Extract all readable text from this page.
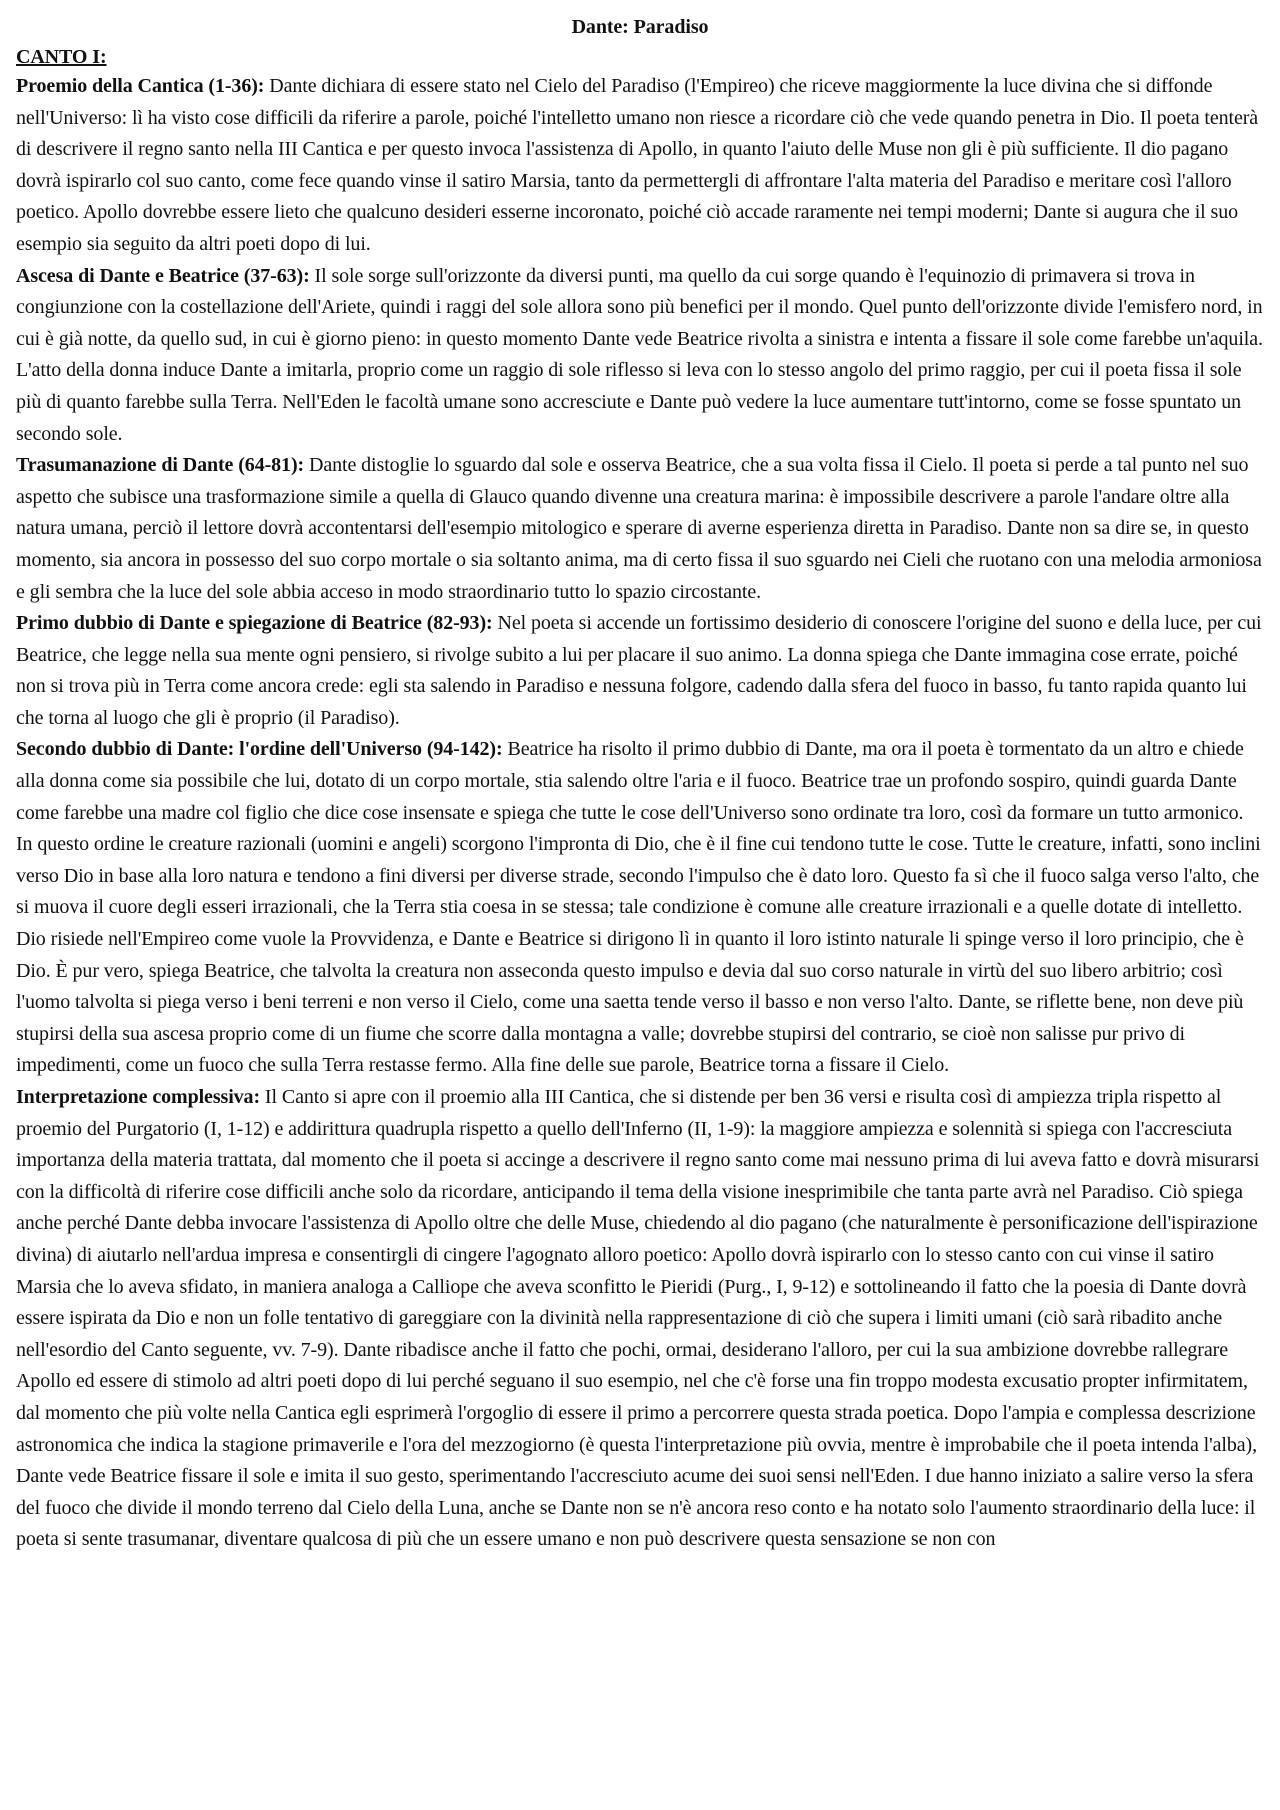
Dante: Paradiso
CANTO I:

Proemio della Cantica (1-36): Dante dichiara di essere stato nel Cielo del Paradiso (l'Empireo) che riceve maggiormente la luce divina che si diffonde nell'Universo: lì ha visto cose difficili da riferire a parole, poiché l'intelletto umano non riesce a ricordare ciò che vede quando penetra in Dio. Il poeta tenterà di descrivere il regno santo nella III Cantica e per questo invoca l'assistenza di Apollo, in quanto l'aiuto delle Muse non gli è più sufficiente. Il dio pagano dovrà ispirarlo col suo canto, come fece quando vinse il satiro Marsia, tanto da permettergli di affrontare l'alta materia del Paradiso e meritare così l'alloro poetico. Apollo dovrebbe essere lieto che qualcuno desideri esserne incoronato, poiché ciò accade raramente nei tempi moderni; Dante si augura che il suo esempio sia seguito da altri poeti dopo di lui.

Ascesa di Dante e Beatrice (37-63): Il sole sorge sull'orizzonte da diversi punti, ma quello da cui sorge quando è l'equinozio di primavera si trova in congiunzione con la costellazione dell'Ariete, quindi i raggi del sole allora sono più benefici per il mondo. Quel punto dell'orizzonte divide l'emisfero nord, in cui è già notte, da quello sud, in cui è giorno pieno: in questo momento Dante vede Beatrice rivolta a sinistra e intenta a fissare il sole come farebbe un'aquila. L'atto della donna induce Dante a imitarla, proprio come un raggio di sole riflesso si leva con lo stesso angolo del primo raggio, per cui il poeta fissa il sole più di quanto farebbe sulla Terra. Nell'Eden le facoltà umane sono accresciute e Dante può vedere la luce aumentare tutt'intorno, come se fosse spuntato un secondo sole.

Trasumanazione di Dante (64-81): Dante distoglie lo sguardo dal sole e osserva Beatrice, che a sua volta fissa il Cielo. Il poeta si perde a tal punto nel suo aspetto che subisce una trasformazione simile a quella di Glauco quando divenne una creatura marina: è impossibile descrivere a parole l'andare oltre alla natura umana, perciò il lettore dovrà accontentarsi dell'esempio mitologico e sperare di averne esperienza diretta in Paradiso. Dante non sa dire se, in questo momento, sia ancora in possesso del suo corpo mortale o sia soltanto anima, ma di certo fissa il suo sguardo nei Cieli che ruotano con una melodia armoniosa e gli sembra che la luce del sole abbia acceso in modo straordinario tutto lo spazio circostante.

Primo dubbio di Dante e spiegazione di Beatrice (82-93): Nel poeta si accende un fortissimo desiderio di conoscere l'origine del suono e della luce, per cui Beatrice, che legge nella sua mente ogni pensiero, si rivolge subito a lui per placare il suo animo. La donna spiega che Dante immagina cose errate, poiché non si trova più in Terra come ancora crede: egli sta salendo in Paradiso e nessuna folgore, cadendo dalla sfera del fuoco in basso, fu tanto rapida quanto lui che torna al luogo che gli è proprio (il Paradiso).

Secondo dubbio di Dante: l'ordine dell'Universo (94-142): Beatrice ha risolto il primo dubbio di Dante, ma ora il poeta è tormentato da un altro e chiede alla donna come sia possibile che lui, dotato di un corpo mortale, stia salendo oltre l'aria e il fuoco. Beatrice trae un profondo sospiro, quindi guarda Dante come farebbe una madre col figlio che dice cose insensate e spiega che tutte le cose dell'Universo sono ordinate tra loro, così da formare un tutto armonico. In questo ordine le creature razionali (uomini e angeli) scorgono l'impronta di Dio, che è il fine cui tendono tutte le cose. Tutte le creature, infatti, sono inclini verso Dio in base alla loro natura e tendono a fini diversi per diverse strade, secondo l'impulso che è dato loro. Questo fa sì che il fuoco salga verso l'alto, che si muova il cuore degli esseri irrazionali, che la Terra stia coesa in se stessa; tale condizione è comune alle creature irrazionali e a quelle dotate di intelletto. Dio risiede nell'Empireo come vuole la Provvidenza, e Dante e Beatrice si dirigono lì in quanto il loro istinto naturale li spinge verso il loro principio, che è Dio. È pur vero, spiega Beatrice, che talvolta la creatura non asseconda questo impulso e devia dal suo corso naturale in virtù del suo libero arbitrio; così l'uomo talvolta si piega verso i beni terreni e non verso il Cielo, come una saetta tende verso il basso e non verso l'alto. Dante, se riflette bene, non deve più stupirsi della sua ascesa proprio come di un fiume che scorre dalla montagna a valle; dovrebbe stupirsi del contrario, se cioè non salisse pur privo di impedimenti, come un fuoco che sulla Terra restasse fermo. Alla fine delle sue parole, Beatrice torna a fissare il Cielo.

Interpretazione complessiva: Il Canto si apre con il proemio alla III Cantica, che si distende per ben 36 versi e risulta così di ampiezza tripla rispetto al proemio del Purgatorio (I, 1-12) e addirittura quadrupla rispetto a quello dell'Inferno (II, 1-9): la maggiore ampiezza e solennità si spiega con l'accresciuta importanza della materia trattata, dal momento che il poeta si accinge a descrivere il regno santo come mai nessuno prima di lui aveva fatto e dovrà misurarsi con la difficoltà di riferire cose difficili anche solo da ricordare, anticipando il tema della visione inesprimibile che tanta parte avrà nel Paradiso. Ciò spiega anche perché Dante debba invocare l'assistenza di Apollo oltre che delle Muse, chiedendo al dio pagano (che naturalmente è personificazione dell'ispirazione divina) di aiutarlo nell'ardua impresa e consentirgli di cingere l'agognato alloro poetico: Apollo dovrà ispirarlo con lo stesso canto con cui vinse il satiro Marsia che lo aveva sfidato, in maniera analoga a Calliope che aveva sconfitto le Pieridi (Purg., I, 9-12) e sottolineando il fatto che la poesia di Dante dovrà essere ispirata da Dio e non un folle tentativo di gareggiare con la divinità nella rappresentazione di ciò che supera i limiti umani (ciò sarà ribadito anche nell'esordio del Canto seguente, vv. 7-9). Dante ribadisce anche il fatto che pochi, ormai, desiderano l'alloro, per cui la sua ambizione dovrebbe rallegrare Apollo ed essere di stimolo ad altri poeti dopo di lui perché seguano il suo esempio, nel che c'è forse una fin troppo modesta excusatio propter infirmitatem, dal momento che più volte nella Cantica egli esprimerà l'orgoglio di essere il primo a percorrere questa strada poetica. Dopo l'ampia e complessa descrizione astronomica che indica la stagione primaverile e l'ora del mezzogiorno (è questa l'interpretazione più ovvia, mentre è improbabile che il poeta intenda l'alba), Dante vede Beatrice fissare il sole e imita il suo gesto, sperimentando l'accresciuto acume dei suoi sensi nell'Eden. I due hanno iniziato a salire verso la sfera del fuoco che divide il mondo terreno dal Cielo della Luna, anche se Dante non se n'è ancora reso conto e ha notato solo l'aumento straordinario della luce: il poeta si sente trasumanar, diventare qualcosa di più che un essere umano e non può descrivere questa sensazione se non con
